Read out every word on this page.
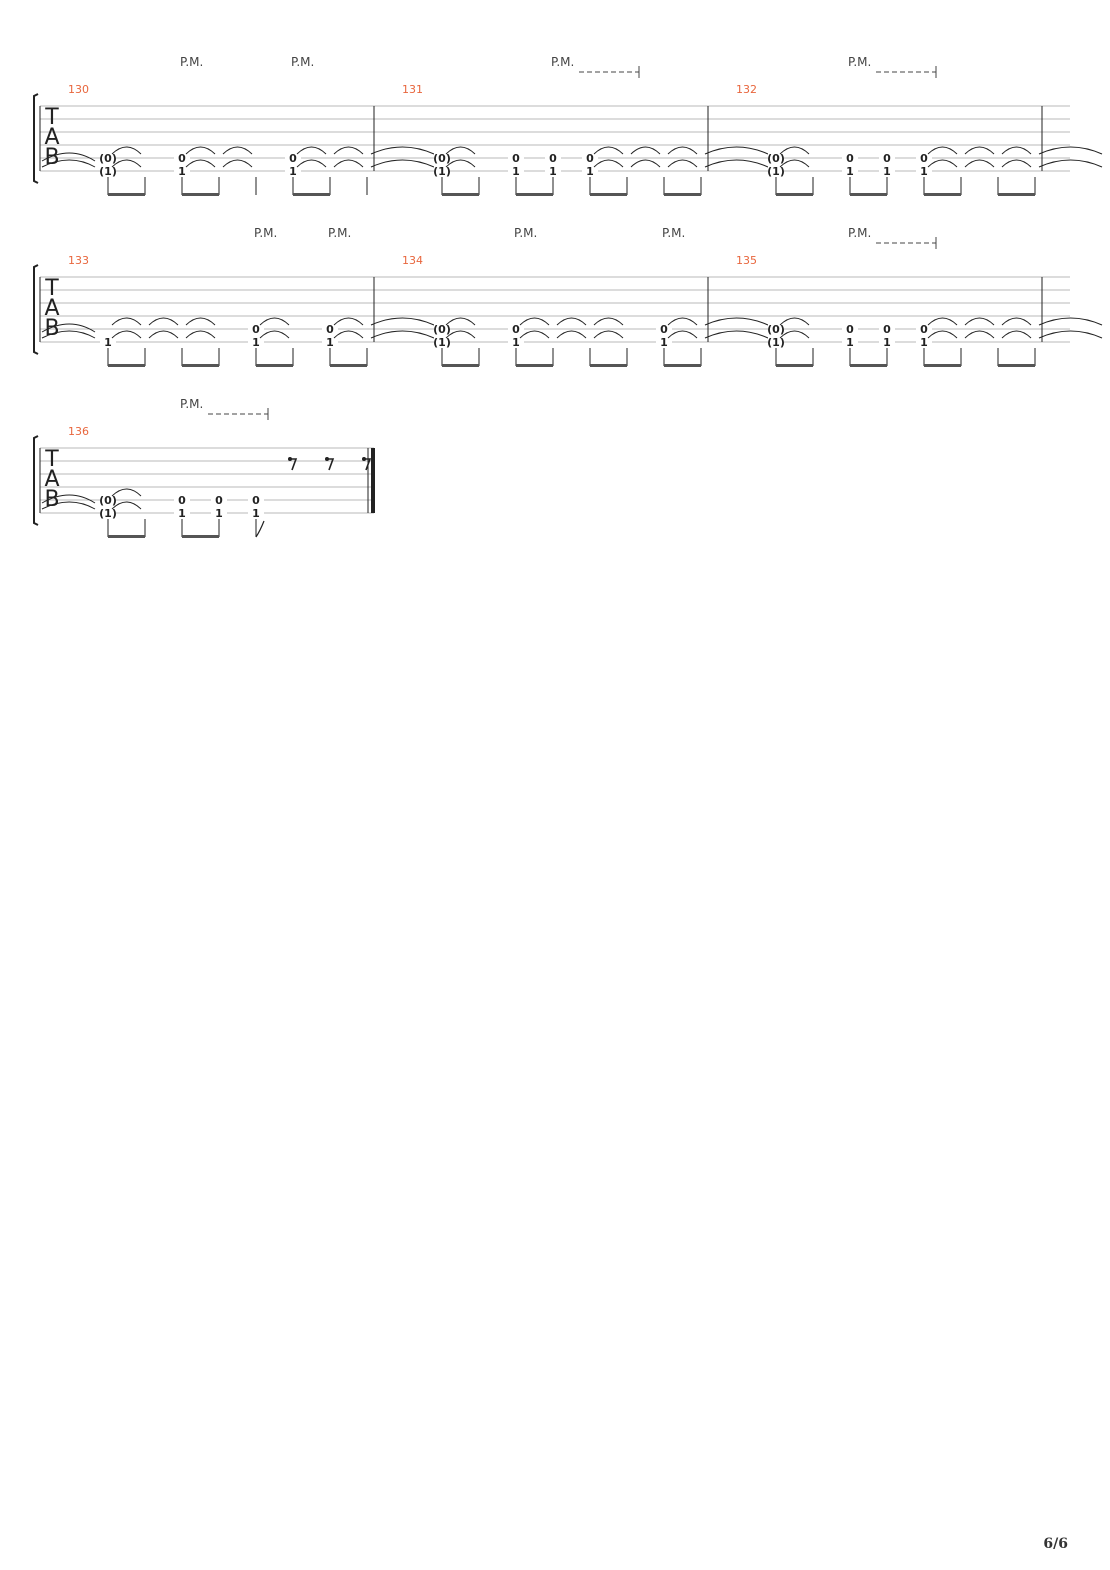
T
A
B
130
P.M.	P.M.
(0)
(1)
0
1
0
1
131
P.M.
(0)
(1)
0
1
0
1
0
1
132
P.M.
(0)
(1)
0
1
0
1
0
1
T
A
B
133
P.M.	P.M.
1
0
1
0
1
134
P.M.	P.M.
(0)
(1)
0
1
0
1
135
P.M.
(0)
(1)
0
1
0
1
0
1
T
A
B
136
P.M.
(0)
(1)
0
1
0
1
0
1
6/6
